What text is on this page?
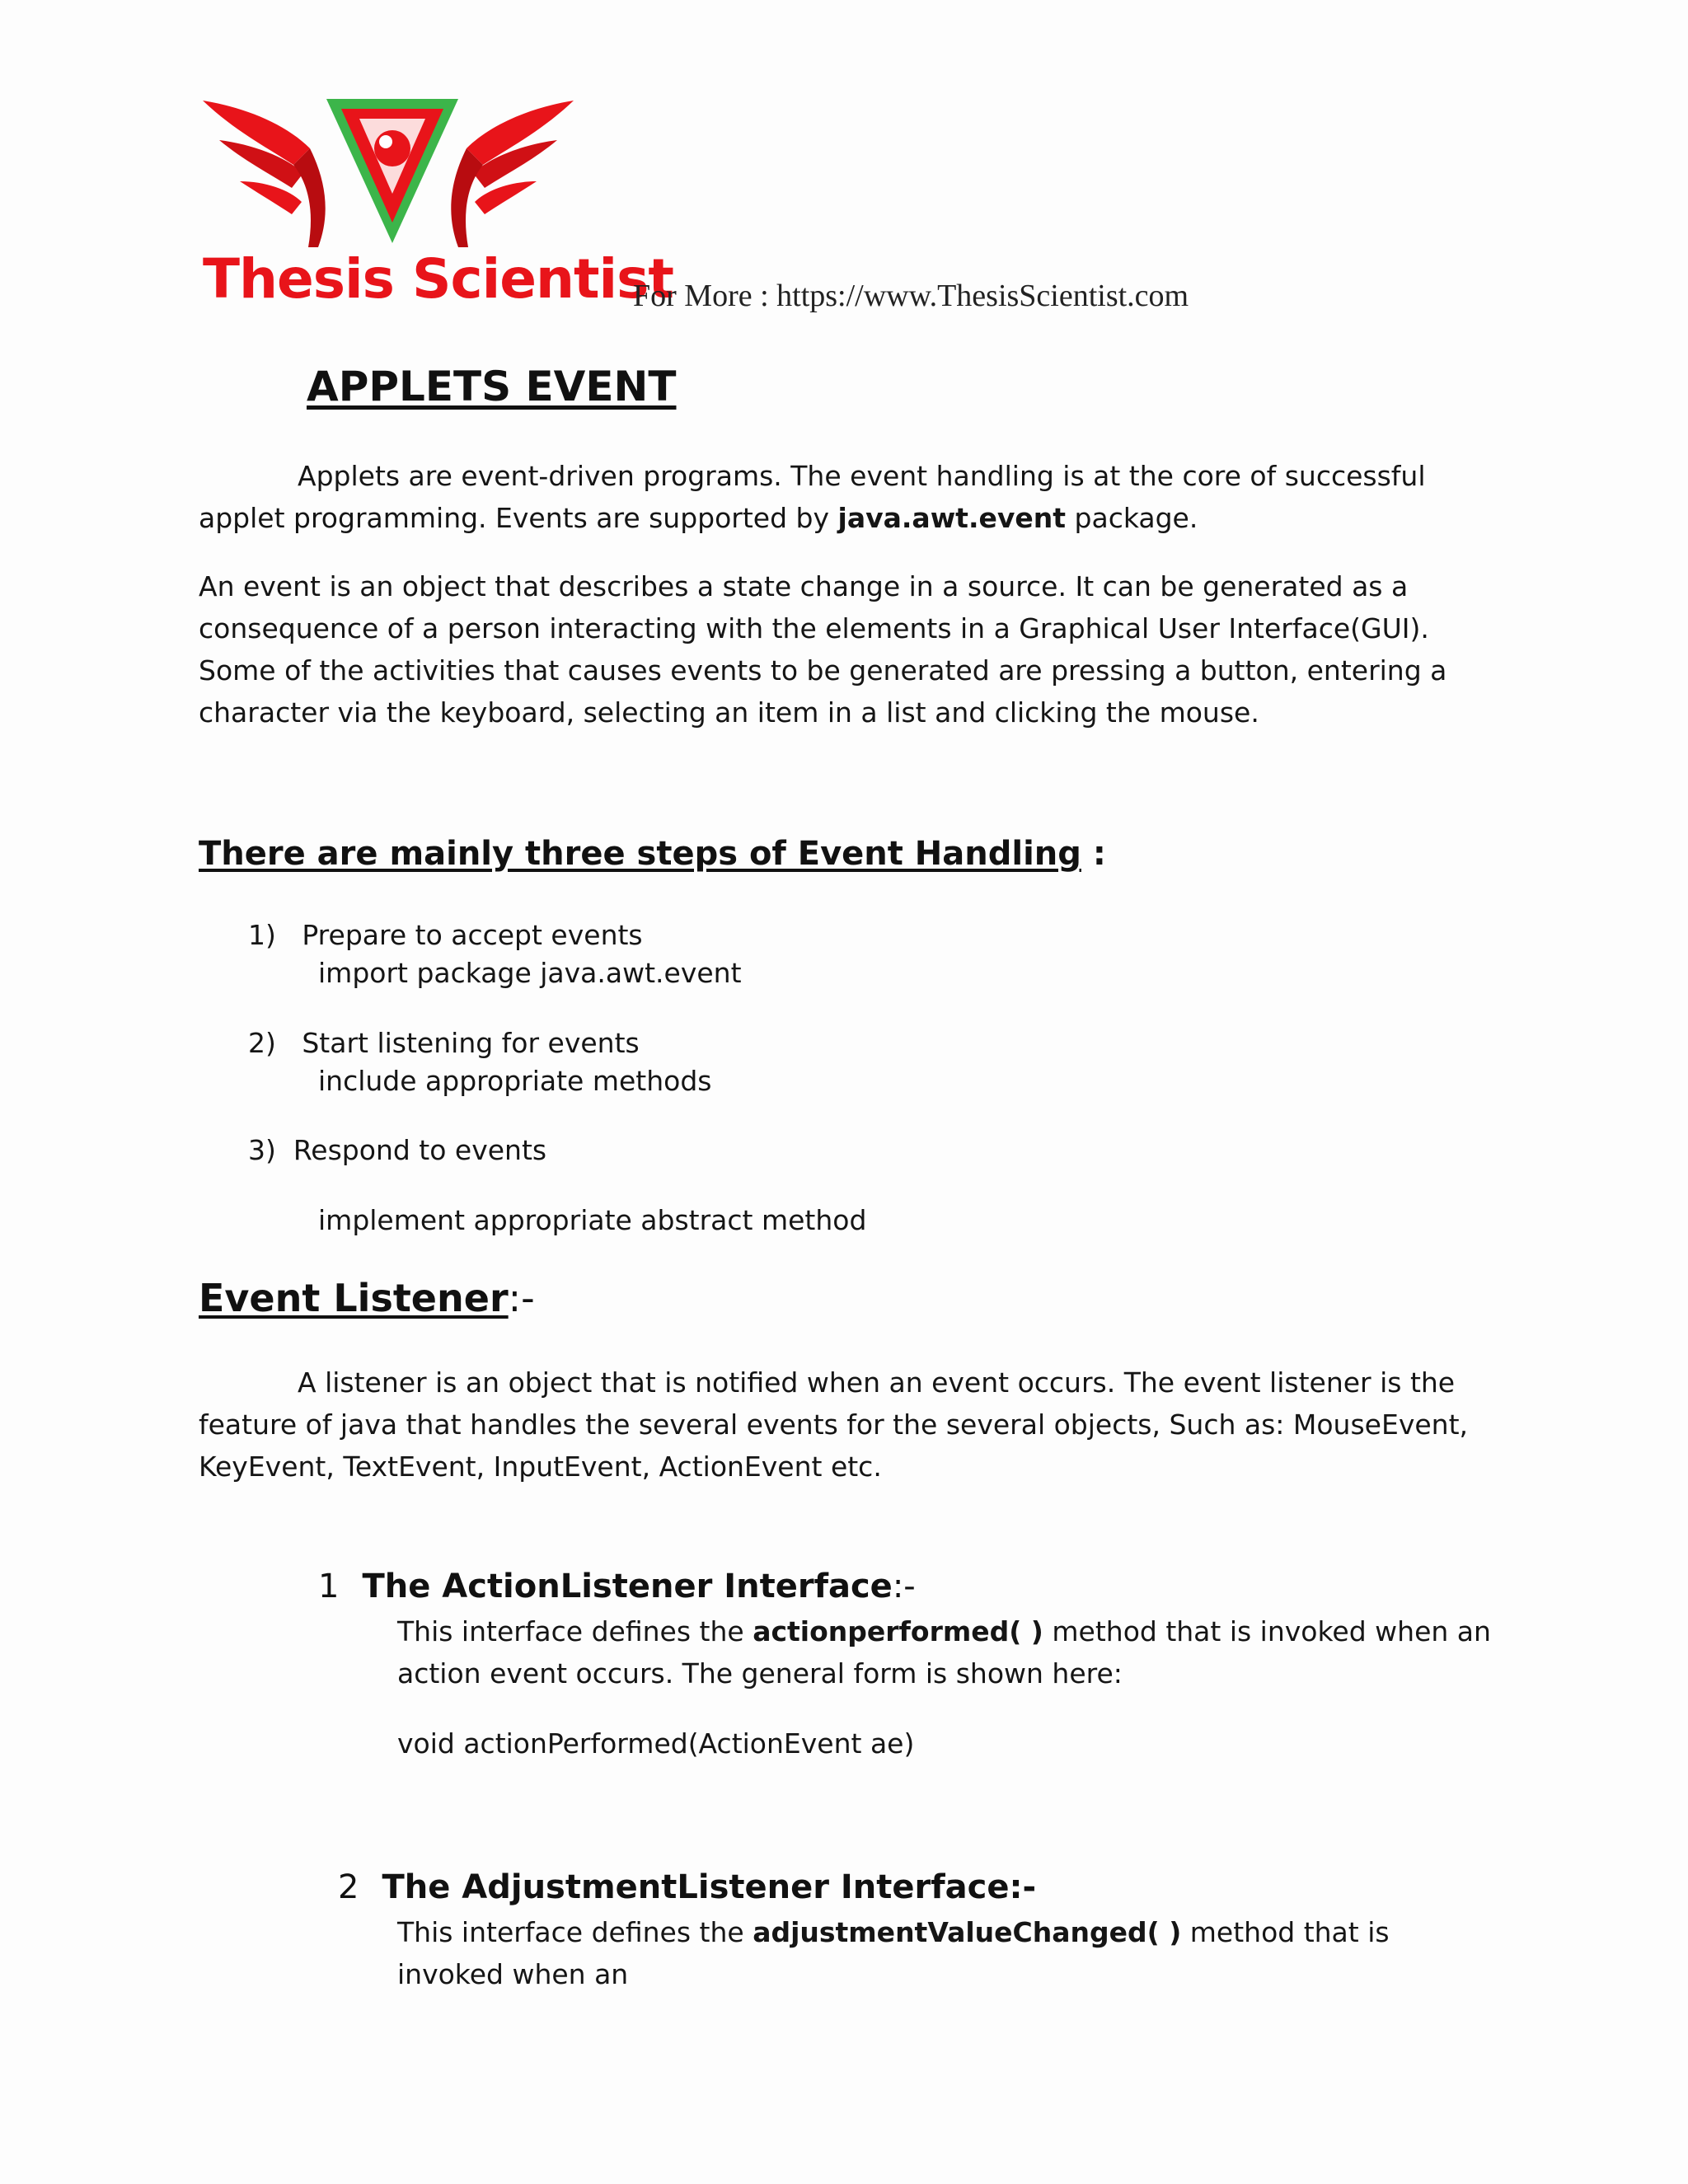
Thesis Scientist
For More : https://www.ThesisScientist.com
APPLETS EVENT
Applets are event-driven programs. The event handling is at the core of successful applet programming. Events are supported by java.awt.event package.
An event is an object that describes a state change in a source. It can be generated as a consequence of a person interacting with the elements in a Graphical User Interface(GUI). Some of the activities that causes events to be generated are pressing a button, entering a character via the keyboard, selecting an item in a list and clicking the mouse.
There are mainly three steps of Event Handling :
1) Prepare to accept events
import package java.awt.event
2) Start listening for events
include appropriate methods
3) Respond to events
implement appropriate abstract method
Event Listener:-
A listener is an object that is notified when an event occurs. The event listener is the feature of java that handles the several events for the several objects, Such as: MouseEvent, KeyEvent, TextEvent, InputEvent, ActionEvent etc.
1 The ActionListener Interface:-
This interface defines the actionperformed( ) method that is invoked when an action event occurs. The general form is shown here:
void actionPerformed(ActionEvent ae)
2 The AdjustmentListener Interface:-
This interface defines the adjustmentValueChanged( ) method that is invoked when an
